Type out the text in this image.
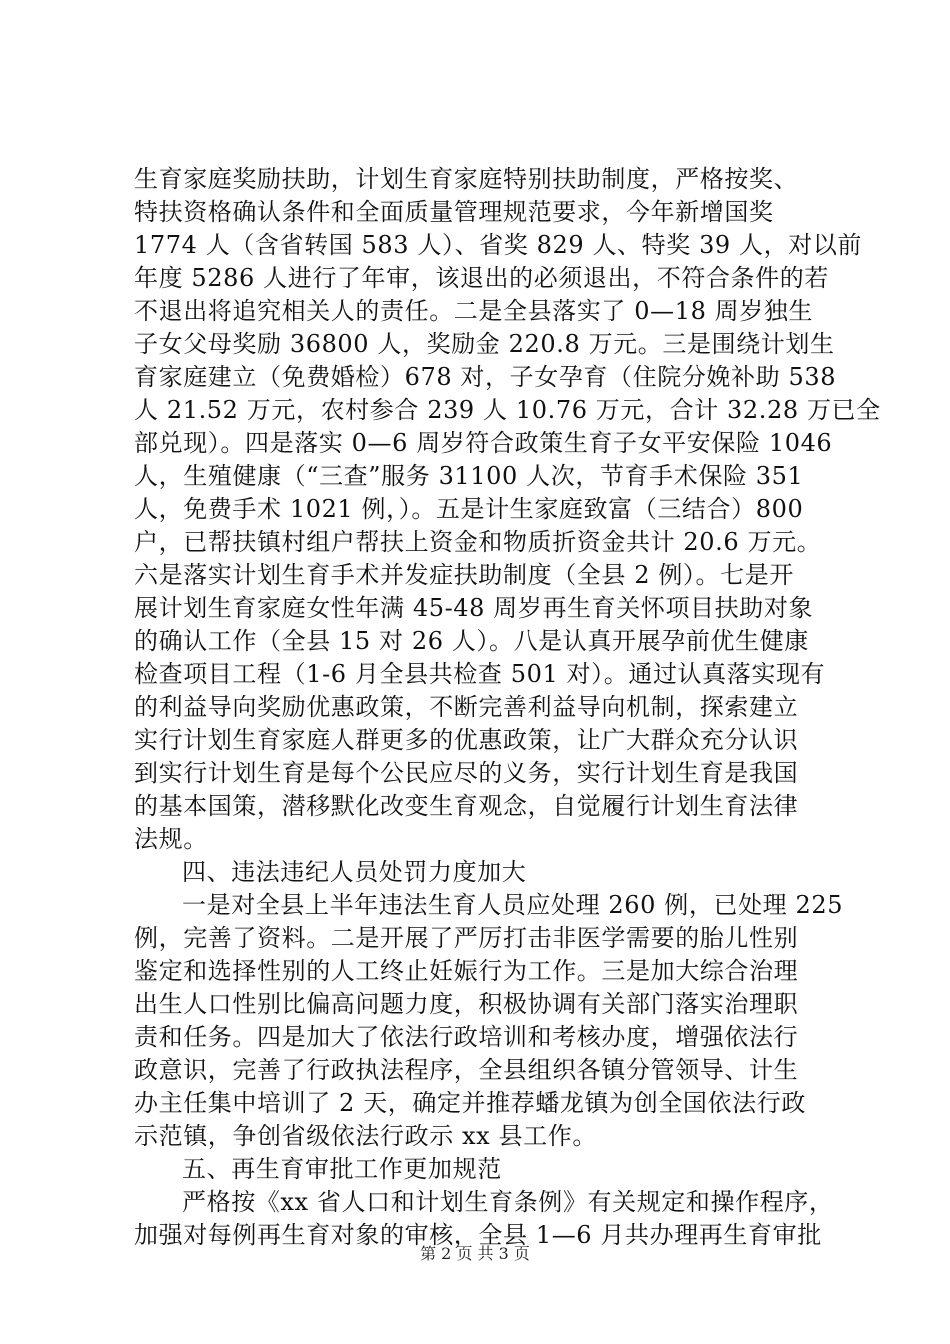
生育家庭奖励扶助，计划生育家庭特别扶助制度，严格按奖、
特扶资格确认条件和全面质量管理规范要求，今年新增国奖
1774 人（含省转国 583 人）、省奖 829 人、特奖 39 人，对以前
年度 5286 人进行了年审，该退出的必须退出，不符合条件的若
不退出将追究相关人的责任。二是全县落实了 0—18 周岁独生
子女父母奖励 36800 人，奖励金 220.8 万元。三是围绕计划生
育家庭建立（免费婚检）678 对，子女孕育（住院分娩补助 538
人 21.52 万元，农村参合 239 人 10.76 万元，合计 32.28 万已全
部兑现）。四是落实 0—6 周岁符合政策生育子女平安保险 1046
人，生殖健康（“三查”服务 31100 人次，节育手术保险 351
人，免费手术 1021 例，）。五是计生家庭致富（三结合）800
户，已帮扶镇村组户帮扶上资金和物质折资金共计 20.6 万元。
六是落实计划生育手术并发症扶助制度（全县 2 例）。七是开
展计划生育家庭女性年满 45-48 周岁再生育关怀项目扶助对象
的确认工作（全县 15 对 26 人）。八是认真开展孕前优生健康
检查项目工程（1-6 月全县共检查 501 对）。通过认真落实现有
的利益导向奖励优惠政策，不断完善利益导向机制，探索建立
实行计划生育家庭人群更多的优惠政策，让广大群众充分认识
到实行计划生育是每个公民应尽的义务，实行计划生育是我国
的基本国策，潜移默化改变生育观念，自觉履行计划生育法律
法规。
四、违法违纪人员处罚力度加大
一是对全县上半年违法生育人员应处理 260 例，已处理 225
例，完善了资料。二是开展了严厉打击非医学需要的胎儿性别
鉴定和选择性别的人工终止妊娠行为工作。三是加大综合治理
出生人口性别比偏高问题力度，积极协调有关部门落实治理职
责和任务。四是加大了依法行政培训和考核办度，增强依法行
政意识，完善了行政执法程序，全县组织各镇分管领导、计生
办主任集中培训了 2 天，确定并推荐蟠龙镇为创全国依法行政
示范镇，争创省级依法行政示 xx 县工作。
五、再生育审批工作更加规范
严格按《xx 省人口和计划生育条例》有关规定和操作程序，
加强对每例再生育对象的审核，全县 1—6 月共办理再生育审批
第 2 页 共 3 页
